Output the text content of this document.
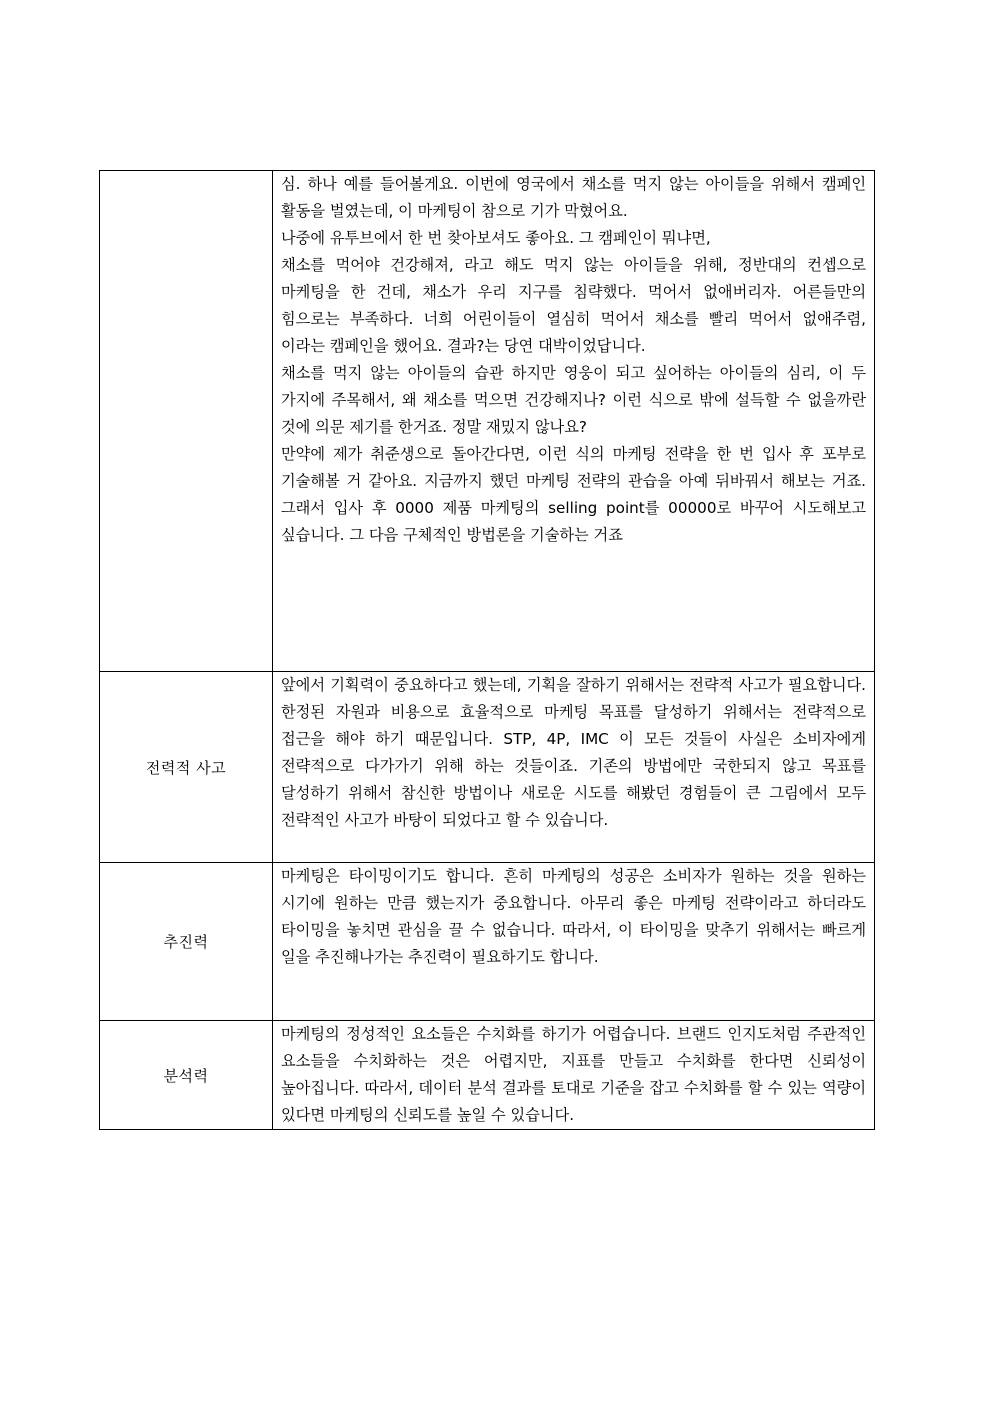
	심. 하나 예를 들어볼게요. 이번에 영국에서 채소를 먹지 않는 아이들을 위해서 캠페인 활동을 벌였는데, 이 마케팅이 참으로 기가 막혔어요.

나중에 유투브에서 한 번 찾아보셔도 좋아요. 그 캠페인이 뭐냐면,

채소를 먹어야 건강해져, 라고 해도 먹지 않는 아이들을 위해, 정반대의 컨셉으로 마케팅을 한 건데, 채소가 우리 지구를 침략했다. 먹어서 없애버리자. 어른들만의 힘으로는 부족하다. 너희 어린이들이 열심히 먹어서 채소를 빨리 먹어서 없애주렴, 이라는 캠페인을 했어요. 결과?는 당연 대박이었답니다.

채소를 먹지 않는 아이들의 습관 하지만 영웅이 되고 싶어하는 아이들의 심리, 이 두 가지에 주목해서, 왜 채소를 먹으면 건강해지나? 이런 식으로 밖에 설득할 수 없을까란 것에 의문 제기를 한거죠. 정말 재밌지 않나요?

만약에 제가 취준생으로 돌아간다면, 이런 식의 마케팅 전략을 한 번 입사 후 포부로 기술해볼 거 같아요. 지금까지 했던 마케팅 전략의 관습을 아예 뒤바꿔서 해보는 거죠. 그래서 입사 후 0000 제품 마케팅의 selling point를 00000로 바꾸어 시도해보고 싶습니다. 그 다음 구체적인 방법론을 기술하는 거죠

전력적 사고	앞에서 기획력이 중요하다고 했는데, 기획을 잘하기 위해서는 전략적 사고가 필요합니다. 한정된 자원과 비용으로 효율적으로 마케팅 목표를 달성하기 위해서는 전략적으로 접근을 해야 하기 때문입니다. STP, 4P, IMC 이 모든 것들이 사실은 소비자에게 전략적으로 다가가기 위해 하는 것들이죠. 기존의 방법에만 국한되지 않고 목표를 달성하기 위해서 참신한 방법이나 새로운 시도를 해봤던 경험들이 큰 그림에서 모두 전략적인 사고가 바탕이 되었다고 할 수 있습니다.

추진력	마케팅은 타이밍이기도 합니다. 흔히 마케팅의 성공은 소비자가 원하는 것을 원하는 시기에 원하는 만큼 했는지가 중요합니다. 아무리 좋은 마케팅 전략이라고 하더라도 타이밍을 놓치면 관심을 끌 수 없습니다. 따라서, 이 타이밍을 맞추기 위해서는 빠르게 일을 추진해나가는 추진력이 필요하기도 합니다.

분석력	마케팅의 정성적인 요소들은 수치화를 하기가 어렵습니다. 브랜드 인지도처럼 주관적인 요소들을 수치화하는 것은 어렵지만, 지표를 만들고 수치화를 한다면 신뢰성이 높아집니다. 따라서, 데이터 분석 결과를 토대로 기준을 잡고 수치화를 할 수 있는 역량이 있다면 마케팅의 신뢰도를 높일 수 있습니다.
